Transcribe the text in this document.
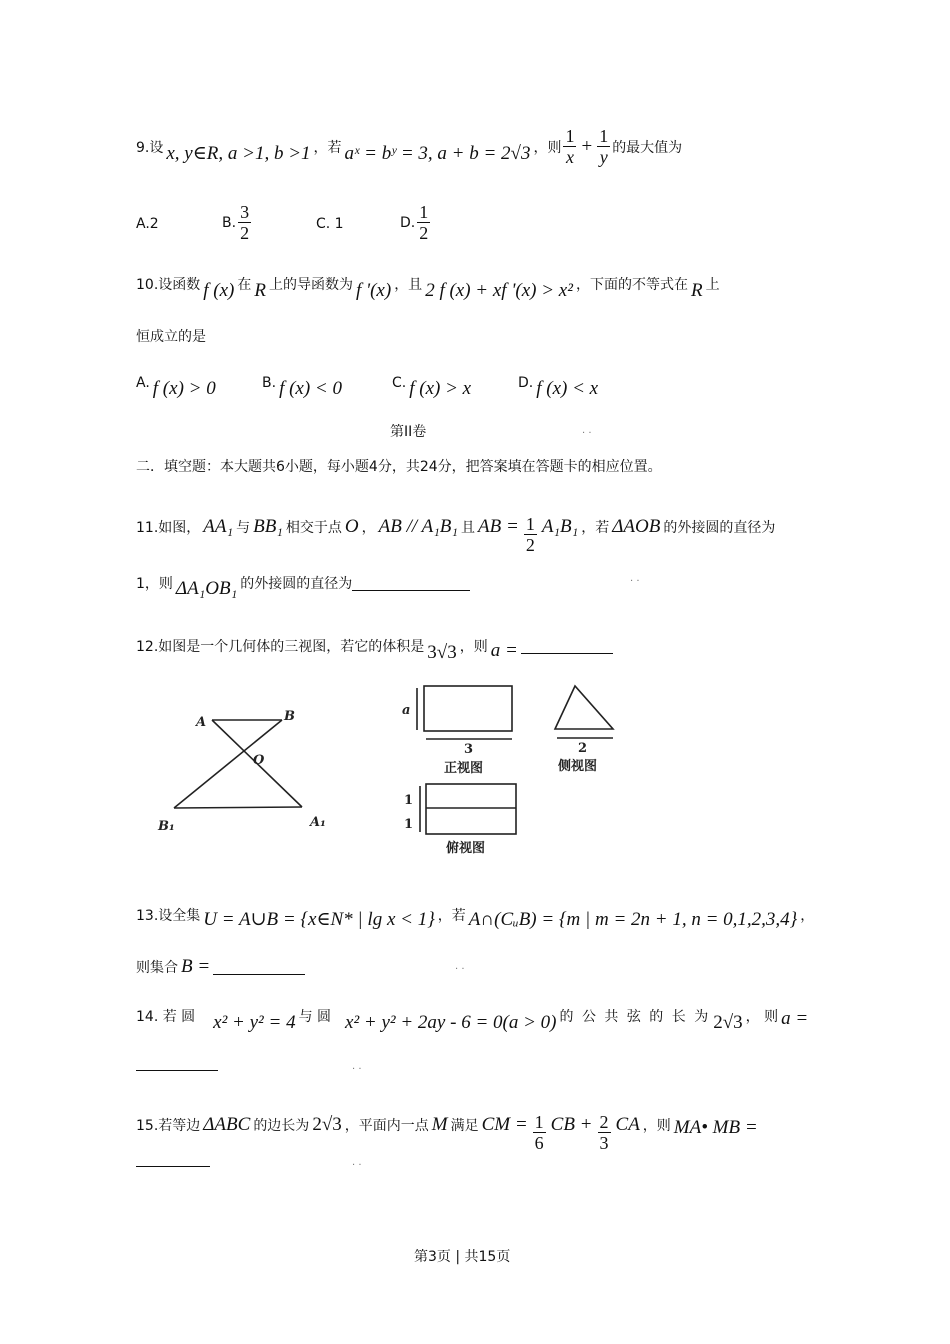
9.设 x, y∈R, a >1, b >1 ，若 aˣ = bʸ = 3, a + b = 2√3 ，则 $\frac{1}{x} + \frac{1}{y}$ 的最大值为
A.2	B. $\frac{3}{2}$	C. 1	D. $\frac{1}{2}$
10.设函数 f (x) 在 R 上的导函数为 f '(x) ，且 2 f (x) + xf '(x) > x² ，下面的不等式在 R 上
恒成立的是
A. f (x) > 0	B. f (x) < 0	C. f (x) > x	D. f (x) < x
第II卷	· ·
二．填空题：本大题共6小题，每小题4分，共24分，把答案填在答题卡的相应位置。
11.如图， AA₁ 与 BB₁ 相交于点 O ， AB // A₁B₁ 且 AB = $\frac{1}{2} A_1B_1$ ，若 ΔAOB 的外接圆的直径为
1，则 ΔA₁OB₁ 的外接圆的直径为	· ·
12.如图是一个几何体的三视图，若它的体积是 3√3 ，则 a =
A	B
O
B₁	A₁
a
3	2
1
1
正视图	侧视图
俯视图
13.设全集 U = A∪B = {x∈N* | lg x < 1} ，若 A∩(CᵤB) = {m | m = 2n + 1, n = 0,1,2,3,4} ，
则集合 B =	· ·
14. 若 圆 x² + y² = 4 与 圆 x² + y² + 2ay - 6 = 0(a > 0) 的 公 共 弦 的 长 为 2√3 ， 则 a =
· ·
15.若等边 ΔABC 的边长为 2√3 ，平面内一点 M 满足 CM = $\frac{1}{6}$ CB + $\frac{2}{3}$ CA ，则 MA• MB =
· ·
第3页 | 共15页
